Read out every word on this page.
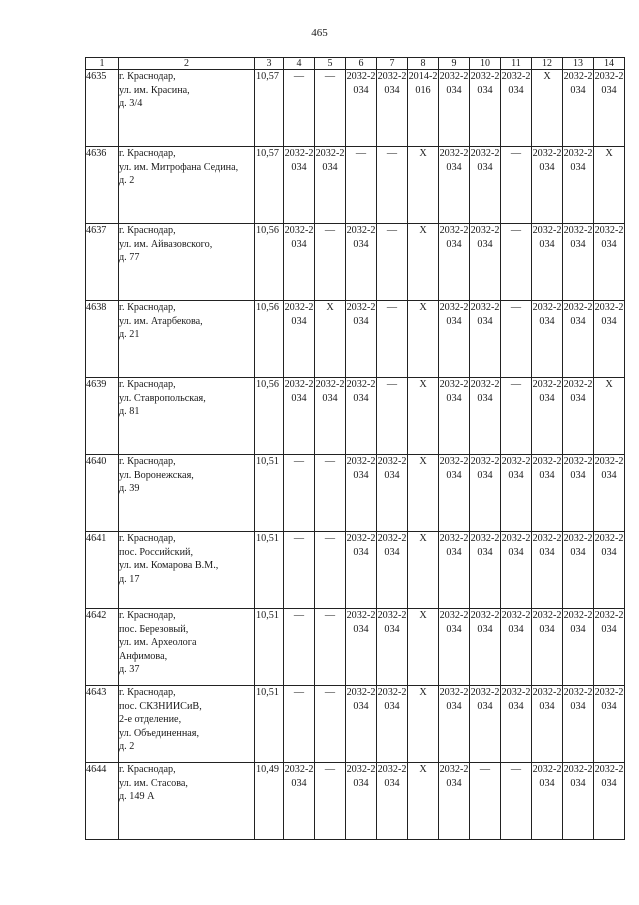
465
1	2	3	4	5	6	7	8	9	10	11	12	13	14
4635	г. Краснодар,
ул. им. Красина,
д. 3/4	10,57	—	—	2032-2034	2032-2034	2014-2016	2032-2034	2032-2034	2032-2034	X	2032-2034	2032-2034

4636	г. Краснодар,
ул. им. Митрофана Седина,
д. 2	10,57	2032-2034	2032-2034	—	—	X	2032-2034	2032-2034	—	2032-2034	2032-2034	X
4637	г. Краснодар,
ул. им. Айвазовского,
д. 77	10,56	2032-2034	—	2032-2034	—	X	2032-2034	2032-2034	—	2032-2034	2032-2034	2032-2034

4638	г. Краснодар,
ул. им. Атарбекова,
д. 21	10,56	2032-2034	X	2032-2034	—	X	2032-2034	2032-2034	—	2032-2034	2032-2034	2032-2034

4639	г. Краснодар,
ул. Ставропольская,
д. 81	10,56	2032-2034	2032-2034	2032-2034	—	X	2032-2034	2032-2034	—	2032-2034	2032-2034	X
4640	г. Краснодар,
ул. Воронежская,
д. 39	10,51	—	—	2032-2034	2032-2034	X	2032-2034	2032-2034	2032-2034	2032-2034	2032-2034	2032-2034

4641	г. Краснодар,
пос. Российский,
ул. им. Комарова В.М.,
д. 17	10,51	—	—	2032-2034	2032-2034	X	2032-2034	2032-2034	2032-2034	2032-2034	2032-2034	2032-2034

4642	г. Краснодар,
пос. Березовый,
ул. им. Археолога
Анфимова,
д. 37	10,51	—	—	2032-2034	2032-2034	X	2032-2034	2032-2034	2032-2034	2032-2034	2032-2034	2032-2034

4643	г. Краснодар,
пос. СКЗНИИСиВ,
2-е отделение,
ул. Объединенная,
д. 2	10,51	—	—	2032-2034	2032-2034	X	2032-2034	2032-2034	2032-2034	2032-2034	2032-2034	2032-2034

4644	г. Краснодар,
ул. им. Стасова,
д. 149 А	10,49	2032-2034	—	2032-2034	2032-2034	X	2032-2034	—	—	2032-2034	2032-2034	2032-2034
